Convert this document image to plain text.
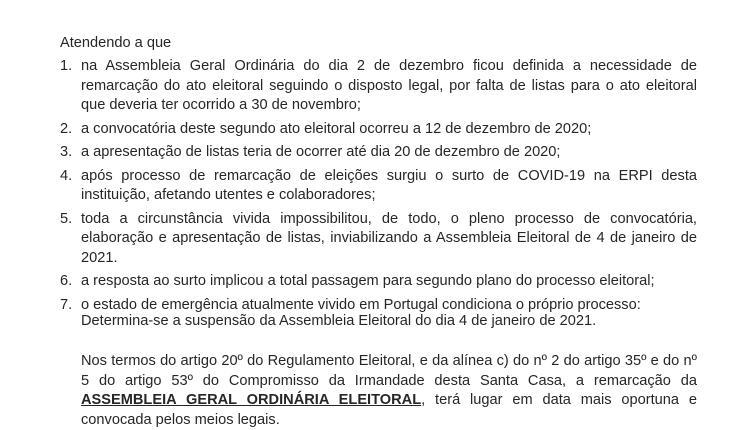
Atendendo a que

1. na Assembleia Geral Ordinária do dia 2 de dezembro ficou definida a necessidade de remarcação do ato eleitoral seguindo o disposto legal, por falta de listas para o ato eleitoral que deveria ter ocorrido a 30 de novembro;
2. a convocatória deste segundo ato eleitoral ocorreu a 12 de dezembro de 2020;
3. a apresentação de listas teria de ocorrer até dia 20 de dezembro de 2020;
4. após processo de remarcação de eleições surgiu o surto de COVID-19 na ERPI desta instituição, afetando utentes e colaboradores;
5. toda a circunstância vivida impossibilitou, de todo, o pleno processo de convocatória, elaboração e apresentação de listas, inviabilizando a Assembleia Eleitoral de 4 de janeiro de 2021.
6. a resposta ao surto implicou a total passagem para segundo plano do processo eleitoral;
7. o estado de emergência atualmente vivido em Portugal condiciona o próprio processo:

Determina-se a suspensão da Assembleia Eleitoral do dia 4 de janeiro de 2021.

Nos termos do artigo 20º do Regulamento Eleitoral, e da alínea c) do nº 2 do artigo 35º e do nº 5 do artigo 53º do Compromisso da Irmandade desta Santa Casa, a remarcação da ASSEMBLEIA GERAL ORDINÁRIA ELEITORAL, terá lugar em data mais oportuna e convocada pelos meios legais.
